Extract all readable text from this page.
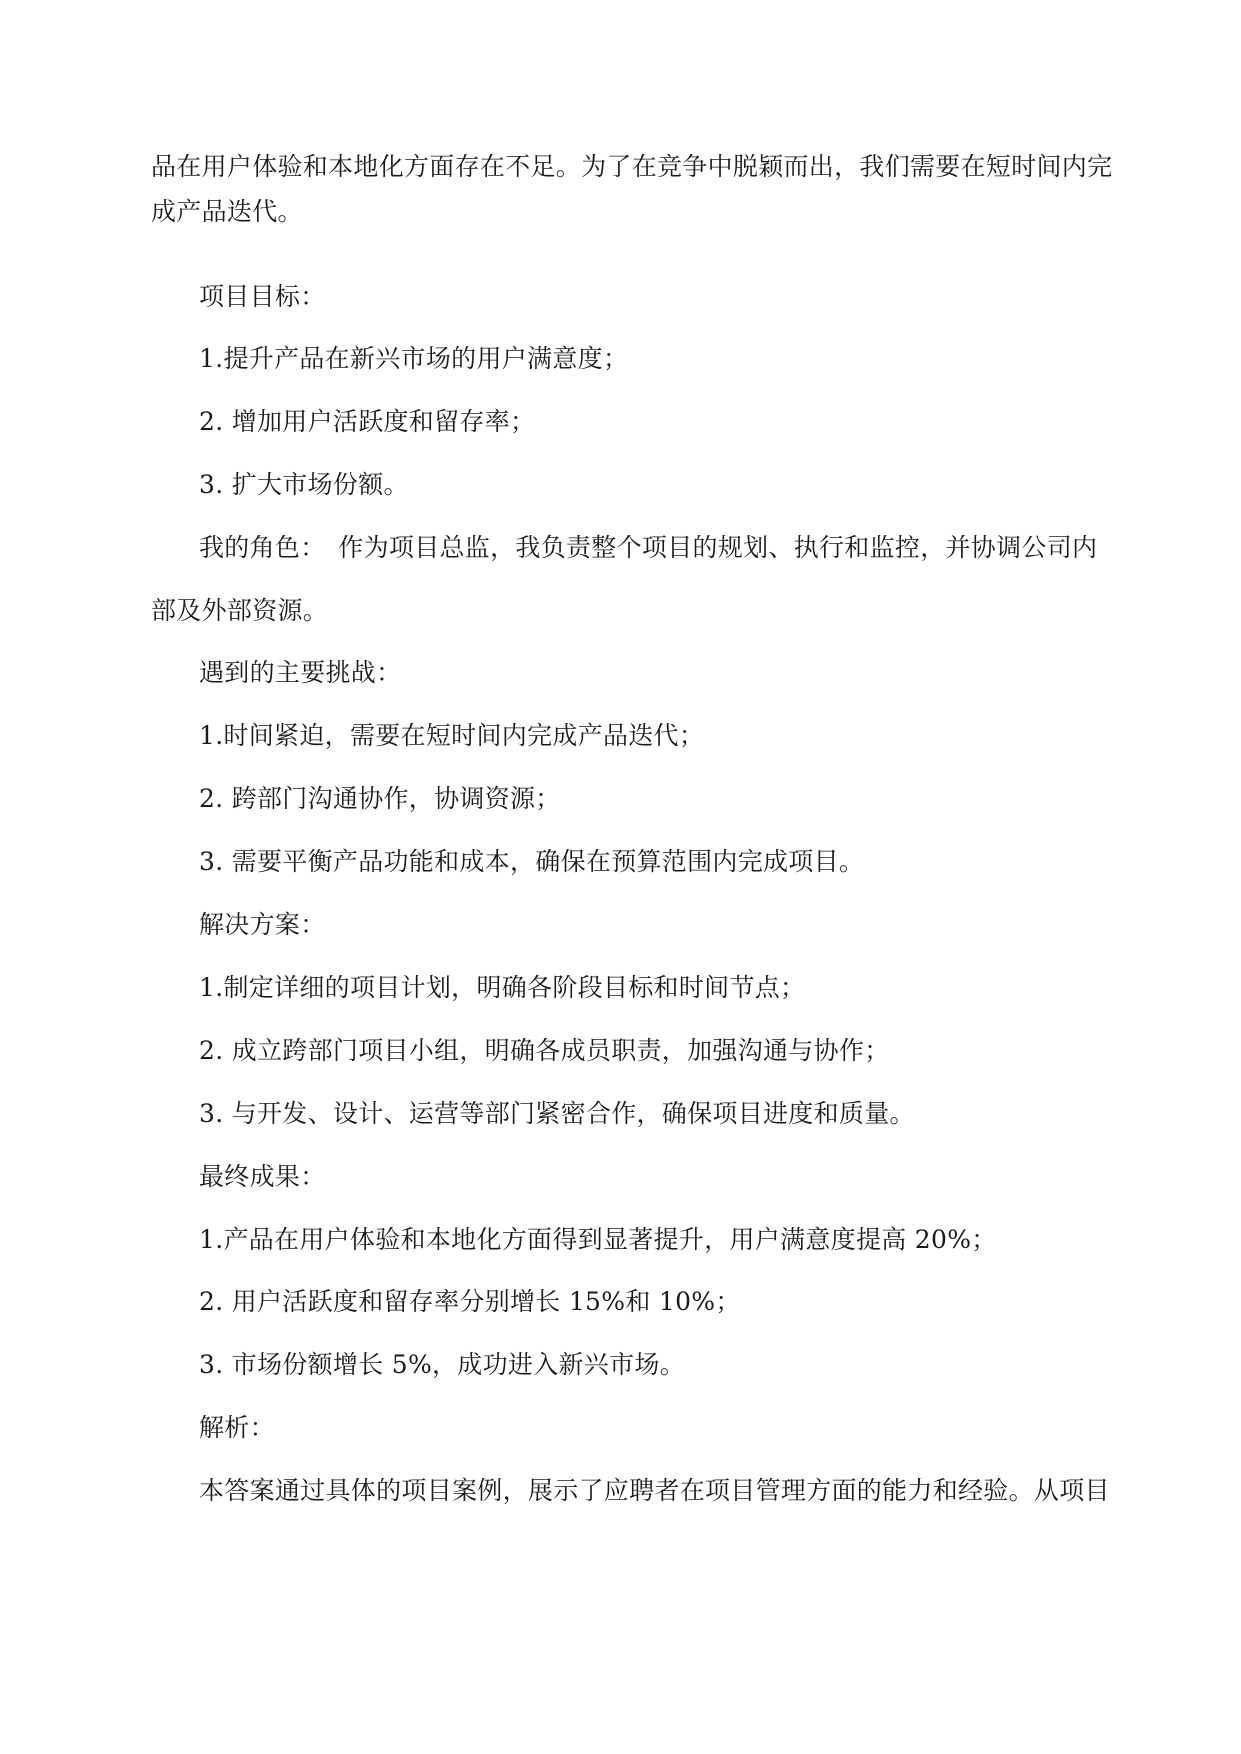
品在用户体验和本地化方面存在不足。为了在竞争中脱颖而出，我们需要在短时间内完
成产品迭代。
项目目标：
1.提升产品在新兴市场的用户满意度；
2. 增加用户活跃度和留存率；
3. 扩大市场份额。
我的角色：　作为项目总监，我负责整个项目的规划、执行和监控，并协调公司内
部及外部资源。
遇到的主要挑战：
1.时间紧迫，需要在短时间内完成产品迭代；
2. 跨部门沟通协作，协调资源；
3. 需要平衡产品功能和成本，确保在预算范围内完成项目。
解决方案：
1.制定详细的项目计划，明确各阶段目标和时间节点；
2. 成立跨部门项目小组，明确各成员职责，加强沟通与协作；
3. 与开发、设计、运营等部门紧密合作，确保项目进度和质量。
最终成果：
1.产品在用户体验和本地化方面得到显著提升，用户满意度提高 20%；
2. 用户活跃度和留存率分别增长 15%和 10%；
3. 市场份额增长 5%，成功进入新兴市场。
解析：
本答案通过具体的项目案例，展示了应聘者在项目管理方面的能力和经验。从项目
